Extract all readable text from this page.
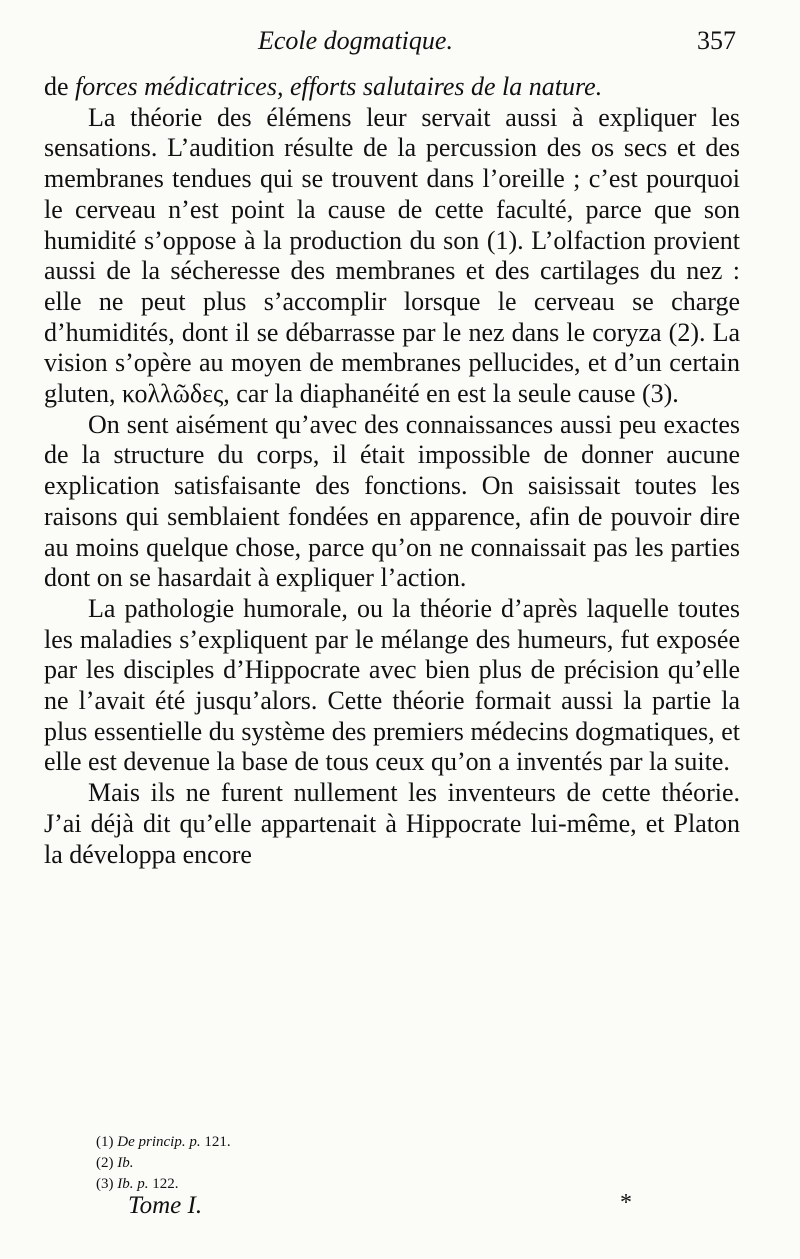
Ecole dogmatique.	357

de forces médicatrices, efforts salutaires de la nature.

La théorie des élémens leur servait aussi à expliquer les sensations. L’audition résulte de la percussion des os secs et des membranes tendues qui se trouvent dans l’oreille ; c’est pourquoi le cerveau n’est point la cause de cette faculté, parce que son humidité s’oppose à la production du son (1). L’olfaction provient aussi de la sécheresse des membranes et des cartilages du nez : elle ne peut plus s’accomplir lorsque le cerveau se charge d’humidités, dont il se débarrasse par le nez dans le coryza (2). La vision s’opère au moyen de membranes pellucides, et d’un certain gluten, κολλῶδες, car la diaphanéité en est la seule cause (3).

On sent aisément qu’avec des connaissances aussi peu exactes de la structure du corps, il était impossible de donner aucune explication satisfaisante des fonctions. On saisissait toutes les raisons qui semblaient fondées en apparence, afin de pouvoir dire au moins quelque chose, parce qu’on ne connaissait pas les parties dont on se hasardait à expliquer l’action.

La pathologie humorale, ou la théorie d’après laquelle toutes les maladies s’expliquent par le mélange des humeurs, fut exposée par les disciples d’Hippocrate avec bien plus de précision qu’elle ne l’avait été jusqu’alors. Cette théorie formait aussi la partie la plus essentielle du système des premiers médecins dogmatiques, et elle est devenue la base de tous ceux qu’on a inventés par la suite.

Mais ils ne furent nullement les inventeurs de cette théorie. J’ai déjà dit qu’elle appartenait à Hippocrate lui-même, et Platon la développa encore

(1) De princip. p. 121.
(2) Ib.
(3) Ib. p. 122.
Tome I.	*
